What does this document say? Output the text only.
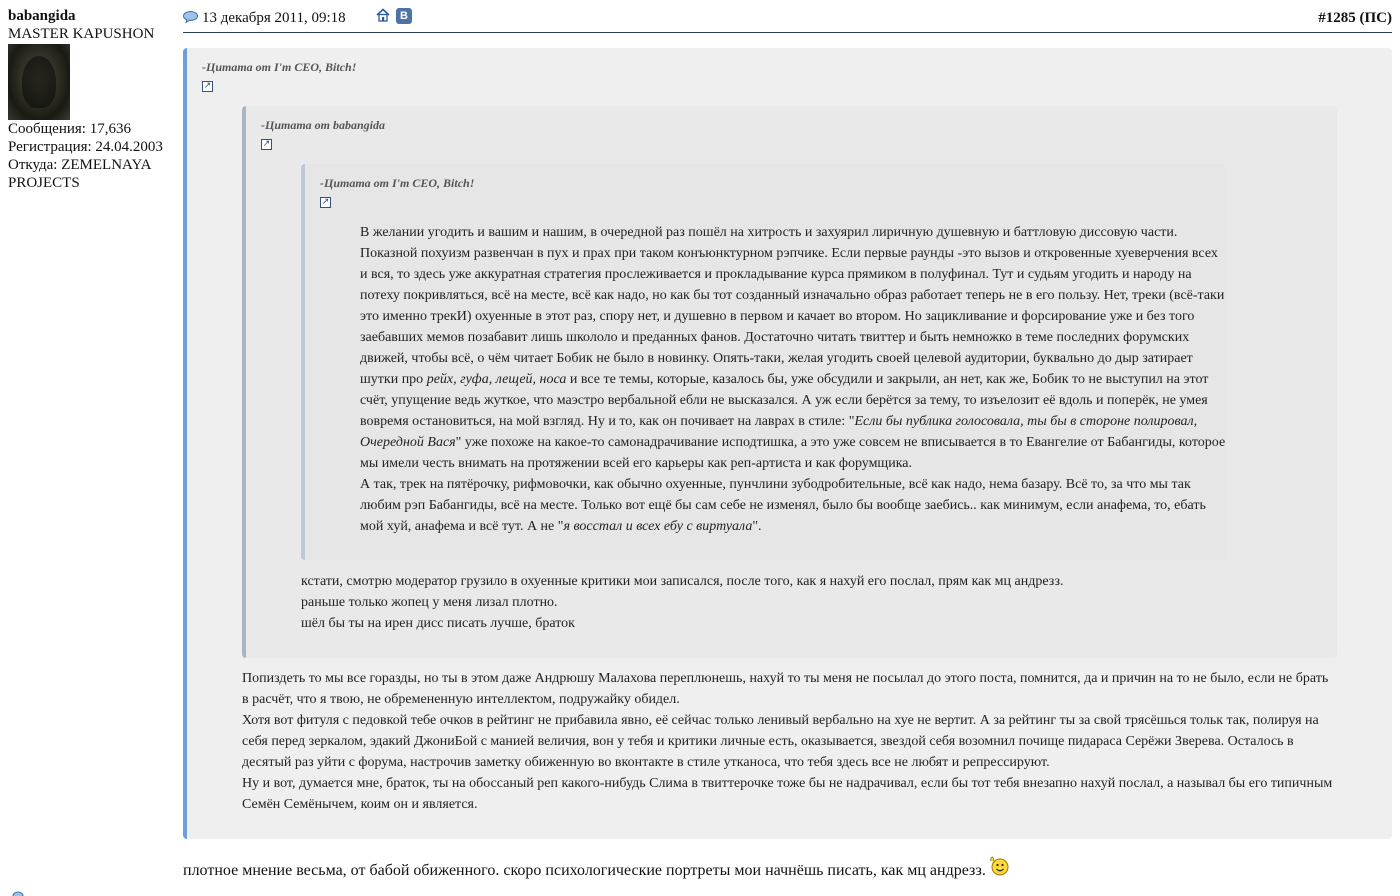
babangida
MASTER KAPUSHON
Сообщения: 17,636
Регистрация: 24.04.2003
Откуда: ZEMELNAYA
PROJECTS
13 декабря 2011, 09:18	B	#1285 (ПС)
-Цитата от I'm CEO, Bitch!
↗
-Цитата от babangida
↗
-Цитата от I'm CEO, Bitch!
↗
В желании угодить и вашим и нашим, в очередной раз пошёл на хитрость и захуярил лиричную душевную и баттловую диссовую части.
Показной похуизм развенчан в пух и прах при таком конъюнктурном рэпчике. Если первые раунды -это вызов и откровенные хуеверчения всех
и вся, то здесь уже аккуратная стратегия прослеживается и прокладывание курса прямиком в полуфинал. Тут и судьям угодить и народу на
потеху покривляться, всё на месте, всё как надо, но как бы тот созданный изначально образ работает теперь не в его пользу. Нет, треки (всё-таки
это именно трекИ) охуенные в этот раз, спору нет, и душевно в первом и качает во втором. Но зацикливание и форсирование уже и без того
заебавших мемов позабавит лишь школоло и преданных фанов. Достаточно читать твиттер и быть немножко в теме последних форумских
движей, чтобы всё, о чём читает Бобик не было в новинку. Опять-таки, желая угодить своей целевой аудитории, буквально до дыр затирает
шутки про рейх, гуфа, лещей, носа и все те темы, которые, казалось бы, уже обсудили и закрыли, ан нет, как же, Бобик то не выступил на этот
счёт, упущение ведь жуткое, что маэстро вербальной ебли не высказался. А уж если берётся за тему, то изъелозит её вдоль и поперёк, не умея
вовремя остановиться, на мой взгляд. Ну и то, как он почивает на лаврах в стиле: "Если бы публика голосовала, ты бы в стороне полировал,
Очередной Вася" уже похоже на какое-то самонадрачивание исподтишка, а это уже совсем не вписывается в то Евангелие от Бабангиды, которое
мы имели честь внимать на протяжении всей его карьеры как реп-артиста и как форумщика.
А так, трек на пятёрочку, рифмовочки, как обычно охуенные, пунчлини зубодробительные, всё как надо, нема базару. Всё то, за что мы так
любим рэп Бабангиды, всё на месте. Только вот ещё бы сам себе не изменял, было бы вообще заебись.. как минимум, если анафема, то, ебать
мой хуй, анафема и всё тут. А не "я восстал и всех ебу с виртуала".
кстати, смотрю модератор грузило в охуенные критики мои записался, после того, как я нахуй его послал, прям как мц андрезз.
раньше только жопец у меня лизал плотно.
шёл бы ты на ирен дисс писать лучше, браток
Попиздеть то мы все горазды, но ты в этом даже Андрюшу Малахова переплюнешь, нахуй то ты меня не посылал до этого поста, помнится, да и причин на то не было, если не брать
в расчёт, что я твою, не обремененную интеллектом, подружайку обидел.
Хотя вот фитуля с педовкой тебе очков в рейтинг не прибавила явно, её сейчас только ленивый вербально на хуе не вертит. А за рейтинг ты за свой трясёшься тольк так, полируя на
себя перед зеркалом, эдакий ДжониБой с манией величия, вон у тебя и критики личные есть, оказывается, звездой себя возомнил почище пидараса Серёжи Зверева. Осталось в
десятый раз уйти с форума, настрочив заметку обиженную во вконтакте в стиле утканоса, что тебя здесь все не любят и репрессируют.
Ну и вот, думается мне, браток, ты на обоссаный реп какого-нибудь Слима в твиттерочке тоже бы не надрачивал, если бы тот тебя внезапно нахуй послал, а называл бы его типичным
Семён Семёнычем, коим он и является.
плотное мнение весьма, от бабой обиженного. скоро психологические портреты мои начнёшь писать, как мц андрезз.
